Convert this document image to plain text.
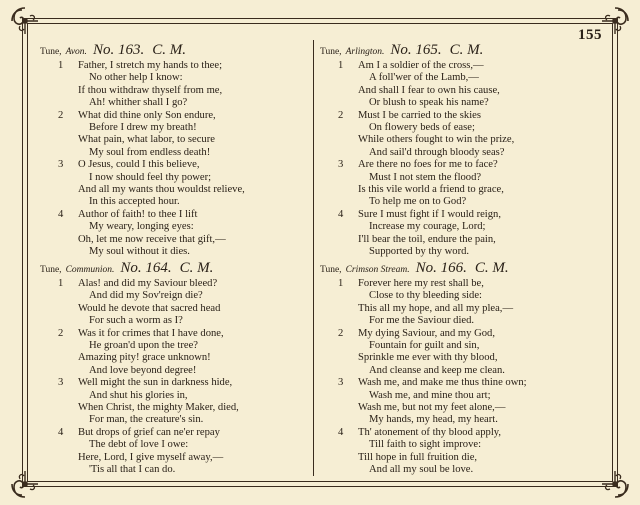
155
Tune, Avon. No. 163. C. M.
1	Father, I stretch my hands to thee;
No other help I know:
If thou withdraw thyself from me,
Ah! whither shall I go?
2	What did thine only Son endure,
Before I drew my breath!
What pain, what labor, to secure
My soul from endless death!
3	O Jesus, could I this believe,
I now should feel thy power;
And all my wants thou wouldst relieve,
In this accepted hour.
4	Author of faith! to thee I lift
My weary, longing eyes:
Oh, let me now receive that gift,—
My soul without it dies.
Tune, Communion. No. 164. C. M.
1	Alas! and did my Saviour bleed?
And did my Sov'reign die?
Would he devote that sacred head
For such a worm as I?
2	Was it for crimes that I have done,
He groan'd upon the tree?
Amazing pity! grace unknown!
And love beyond degree!
3	Well might the sun in darkness hide,
And shut his glories in,
When Christ, the mighty Maker, died,
For man, the creature's sin.
4	But drops of grief can ne'er repay
The debt of love I owe:
Here, Lord, I give myself away,—
'Tis all that I can do.
Tune, Arlington. No. 165. C. M.
1	Am I a soldier of the cross,—
A foll'wer of the Lamb,—
And shall I fear to own his cause,
Or blush to speak his name?
2	Must I be carried to the skies
On flowery beds of ease;
While others fought to win the prize,
And sail'd through bloody seas?
3	Are there no foes for me to face?
Must I not stem the flood?
Is this vile world a friend to grace,
To help me on to God?
4	Sure I must fight if I would reign,
Increase my courage, Lord;
I'll bear the toil, endure the pain,
Supported by thy word.
Tune, Crimson Stream. No. 166. C. M.
1	Forever here my rest shall be,
Close to thy bleeding side:
This all my hope, and all my plea,—
For me the Saviour died.
2	My dying Saviour, and my God,
Fountain for guilt and sin,
Sprinkle me ever with thy blood,
And cleanse and keep me clean.
3	Wash me, and make me thus thine own;
Wash me, and mine thou art;
Wash me, but not my feet alone,—
My hands, my head, my heart.
4	Th' atonement of thy blood apply,
Till faith to sight improve:
Till hope in full fruition die,
And all my soul be love.
